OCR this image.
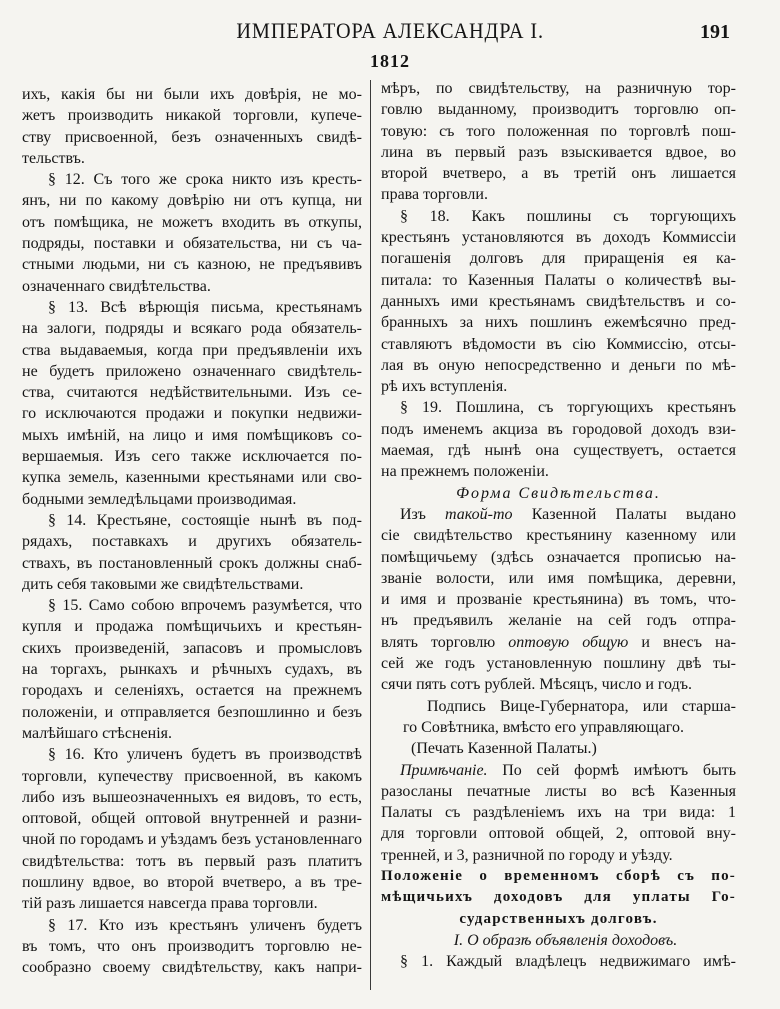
ИМПЕРАТОРА АЛЕКСАНДРА I.	191
1812
ихъ, какія бы ни были ихъ довѣрія, не мо-
жетъ производить никакой торговли, купече-
ству присвоенной, безъ означенныхъ свидѣ-
тельствъ.
§ 12. Съ того же срока никто изъ кресть-
янъ, ни по какому довѣрію ни отъ купца, ни
отъ помѣщика, не можетъ входить въ откупы,
подряды, поставки и обязательства, ни съ ча-
стными людьми, ни съ казною, не предъявивъ
означеннаго свидѣтельства.
§ 13. Всѣ вѣрющія письма, крестьянамъ
на залоги, подряды и всякаго рода обязатель-
ства выдаваемыя, когда при предъявленіи ихъ
не будетъ приложено означеннаго свидѣтель-
ства, считаются недѣйствительными. Изъ се-
го исключаются продажи и покупки недвижи-
мыхъ имѣній, на лицо и имя помѣщиковъ со-
вершаемыя. Изъ сего также исключается по-
купка земель, казенными крестьянами или сво-
бодными земледѣльцами производимая.
§ 14. Крестьяне, состоящіе нынѣ въ под-
рядахъ, поставкахъ и другихъ обязатель-
ствахъ, въ постановленный срокъ должны снаб-
дить себя таковыми же свидѣтельствами.
§ 15. Само собою впрочемъ разумѣется, что
купля и продажа помѣщичьихъ и крестьян-
скихъ произведеній, запасовъ и промысловъ
на торгахъ, рынкахъ и рѣчныхъ судахъ, въ
городахъ и селеніяхъ, остается на прежнемъ
положеніи, и отправляется безпошлинно и безъ
малѣйшаго стѣсненія.
§ 16. Кто уличенъ будетъ въ производствѣ
торговли, купечеству присвоенной, въ какомъ
либо изъ вышеозначенныхъ ея видовъ, то есть,
оптовой, общей оптовой внутренней и разни-
чной по городамъ и уѣздамъ безъ установленнаго
свидѣтельства: тотъ въ первый разъ платитъ
пошлину вдвое, во второй вчетверо, а въ тре-
тій разъ лишается навсегда права торговли.
§ 17. Кто изъ крестьянъ уличенъ будетъ
въ томъ, что онъ производитъ торговлю не-
сообразно своему свидѣтельству, какъ напри-
мѣръ, по свидѣтельству, на разничную тор-
говлю выданному, производитъ торговлю оп-
товую: съ того положенная по торговлѣ пош-
лина въ первый разъ взыскивается вдвое, во
второй вчетверо, а въ третій онъ лишается
права торговли.
§ 18. Какъ пошлины съ торгующихъ
крестьянъ установляются въ доходъ Коммиссіи
погашенія долговъ для приращенія ея ка-
питала: то Казенныя Палаты о количествѣ вы-
данныхъ ими крестьянамъ свидѣтельствъ и со-
бранныхъ за нихъ пошлинъ ежемѣсячно пред-
ставляютъ вѣдомости въ сію Коммиссію, отсы-
лая въ оную непосредственно и деньги по мѣ-
рѣ ихъ вступленія.
§ 19. Пошлина, съ торгующихъ крестьянъ
подъ именемъ акциза въ городовой доходъ взи-
маемая, гдѣ нынѣ она существуетъ, остается
на прежнемъ положеніи.
Форма Свидѣтельства.
Изъ такой-то Казенной Палаты выдано
сіе свидѣтельство крестьянину казенному или
помѣщичьему (здѣсь означается прописью на-
званіе волости, или имя помѣщика, деревни,
и имя и прозваніе крестьянина) въ томъ, что-
нъ предъявилъ желаніе на сей годъ отпра-
влять торговлю оптовую общую и внесъ на-
сей же годъ установленную пошлину двѣ ты-
сячи пять сотъ рублей. Мѣсяцъ, число и годъ.
Подпись Вице-Губернатора, или старша-
го Совѣтника, вмѣсто его управляющаго.
(Печать Казенной Палаты.)
Примѣчаніе. По сей формѣ имѣютъ быть
разосланы печатные листы во всѣ Казенныя
Палаты съ раздѣленіемъ ихъ на три вида: 1
для торговли оптовой общей, 2, оптовой вну-
тренней, и 3, разничной по городу и уѣзду.
Положеніе о временномъ сборѣ съ по-
мѣщичьихъ доходовъ для уплаты Го-
сударственныхъ долговъ.
I. О образѣ объявленія доходовъ.
§ 1. Каждый владѣлецъ недвижимаго имѣ-
